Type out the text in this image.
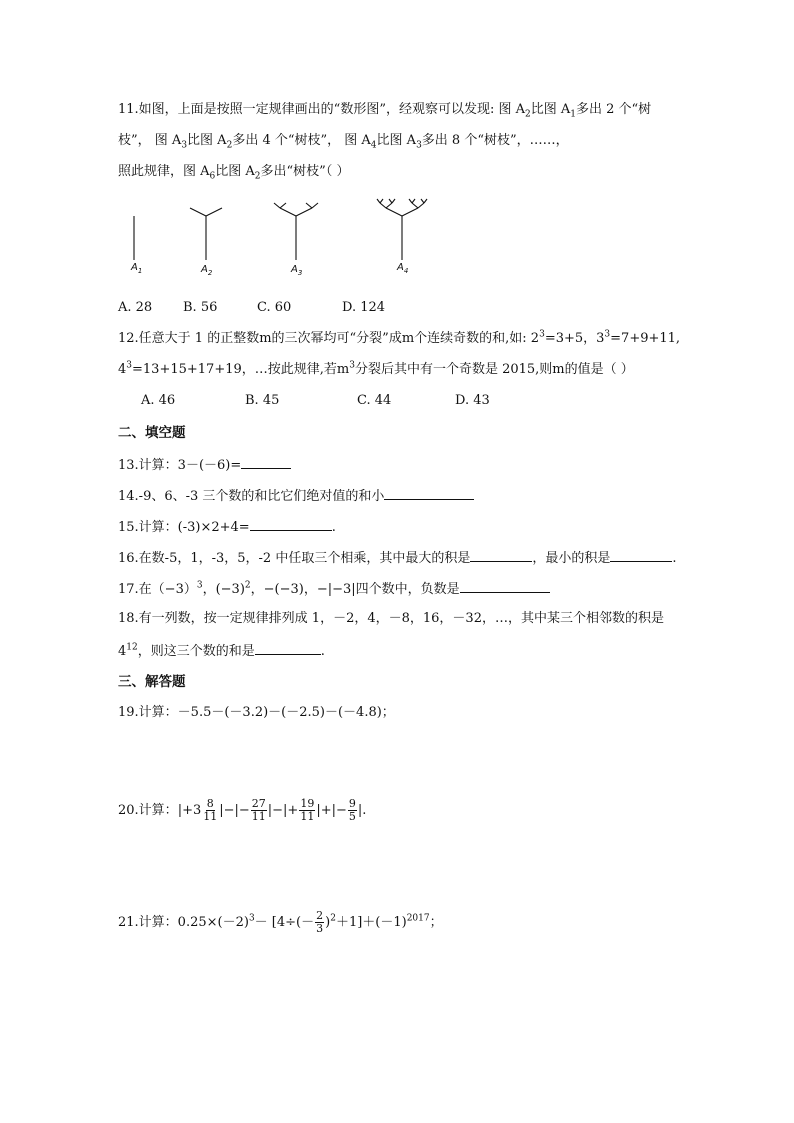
11.如图，上面是按照一定规律画出的“数形图”，经观察可以发现: 图 $A_2$比图 $A_1$多出 2 个“树
枝”， 图 $A_3$比图 $A_2$多出 4 个“树枝”， 图 $A_4$比图 $A_3$多出 8 个“树枝”，……，
照此规律，图 $A_6$比图 $A_2$多出“树枝”（ ）
$A_1$	$A_2$	$A_3$	$A_4$
A. 28 B. 56	C. 60	D. 124
12.任意大于 1 的正整数m的三次幂均可“分裂”成m个连续奇数的和,如: $2^3=3+5$，$3^3=7+9+11$,
$4^3=13+15+17+19$，…按此规律,若$m^3$分裂后其中有一个奇数是 2015,则m的值是（ ）
A. 46	B. 45	C. 44	D. 43
二、填空题
13.计算：3－(－6)=
14.-9、6、-3 三个数的和比它们绝对值的和小
15.计算：(-3)×2+4=	.
16.在数-5，1，-3，5，-2 中任取三个相乘，其中最大的积是	，最小的积是	.
17.在$(-3)^3$，$(-3)^2$，−(−3)，−|−3|四个数中，负数是
18.有一列数，按一定规律排列成 1，－2，4，－8，16，－32，…，其中某三个相邻数的积是
$4^{12}$，则这三个数的和是	.
三、解答题
19.计算：－5.5－(－3.2)－(－2.5)－(－4.8)；
20.计算：$|+3 \frac{8}{11}$ |−|− $\frac{27}{11}$ |−|+ $\frac{19}{11}$ |+|− $\frac{9}{5}$ |.
21.计算：$0.25\times(-2)^3- [4\div(- \frac{2}{3} )^2+1]+(-1)^{2017}$；
